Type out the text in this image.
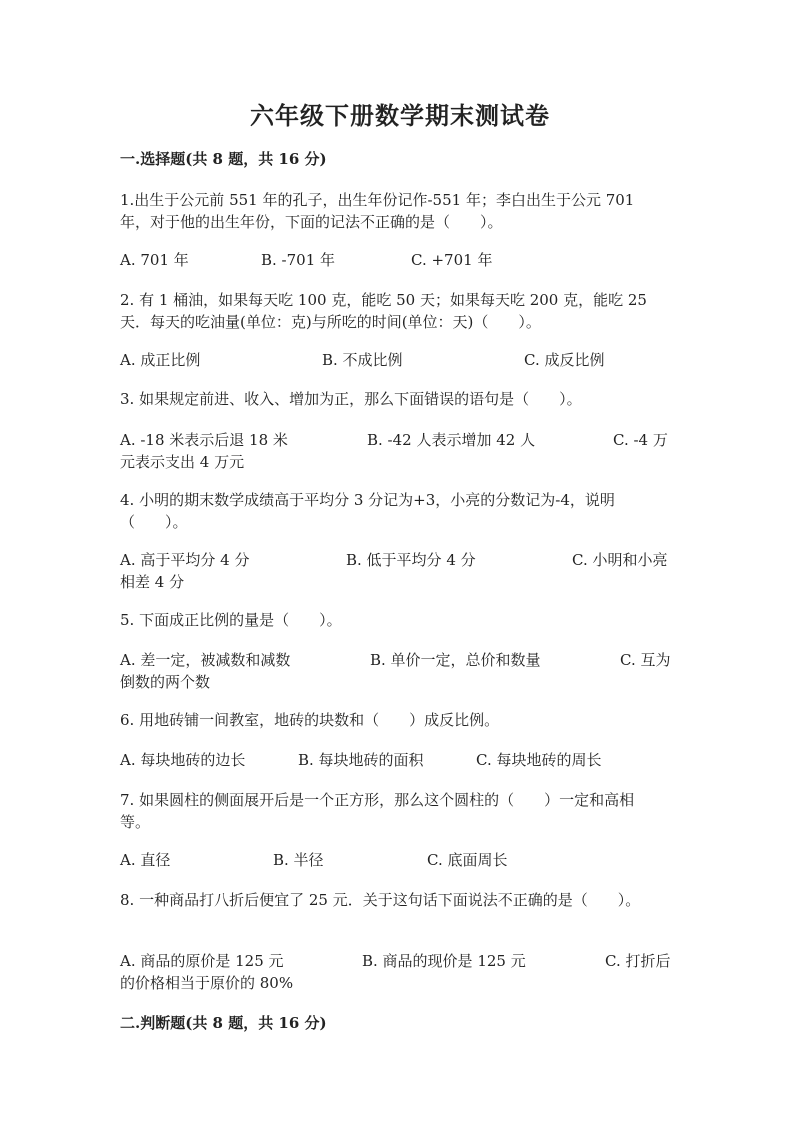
六年级下册数学期末测试卷
一.选择题(共 8 题，共 16 分)
1.出生于公元前 551 年的孔子，出生年份记作-551 年；李白出生于公元 701
年，对于他的出生年份，下面的记法不正确的是（　　）。
A. 701 年	B. -701 年	C. +701 年
2. 有 1 桶油，如果每天吃 100 克，能吃 50 天；如果每天吃 200 克，能吃 25
天．每天的吃油量(单位：克)与所吃的时间(单位：天)（　　）。
A. 成正比例	B. 不成比例	C. 成反比例
3. 如果规定前进、收入、增加为正，那么下面错误的语句是（　　）。
A. -18 米表示后退 18 米	B. -42 人表示增加 42 人	C. -4 万
元表示支出 4 万元
4. 小明的期末数学成绩高于平均分 3 分记为+3，小亮的分数记为-4，说明
（　　）。
A. 高于平均分 4 分	B. 低于平均分 4 分	C. 小明和小亮
相差 4 分
5. 下面成正比例的量是（　　）。
A. 差一定，被减数和减数	B. 单价一定，总价和数量	C. 互为
倒数的两个数
6. 用地砖铺一间教室，地砖的块数和（　　）成反比例。
A. 每块地砖的边长	B. 每块地砖的面积	C. 每块地砖的周长
7. 如果圆柱的侧面展开后是一个正方形，那么这个圆柱的（　　）一定和高相
等。
A. 直径	B. 半径	C. 底面周长
8. 一种商品打八折后便宜了 25 元．关于这句话下面说法不正确的是（　　）。
A. 商品的原价是 125 元	B. 商品的现价是 125 元	C. 打折后
的价格相当于原价的 80%
二.判断题(共 8 题，共 16 分)
